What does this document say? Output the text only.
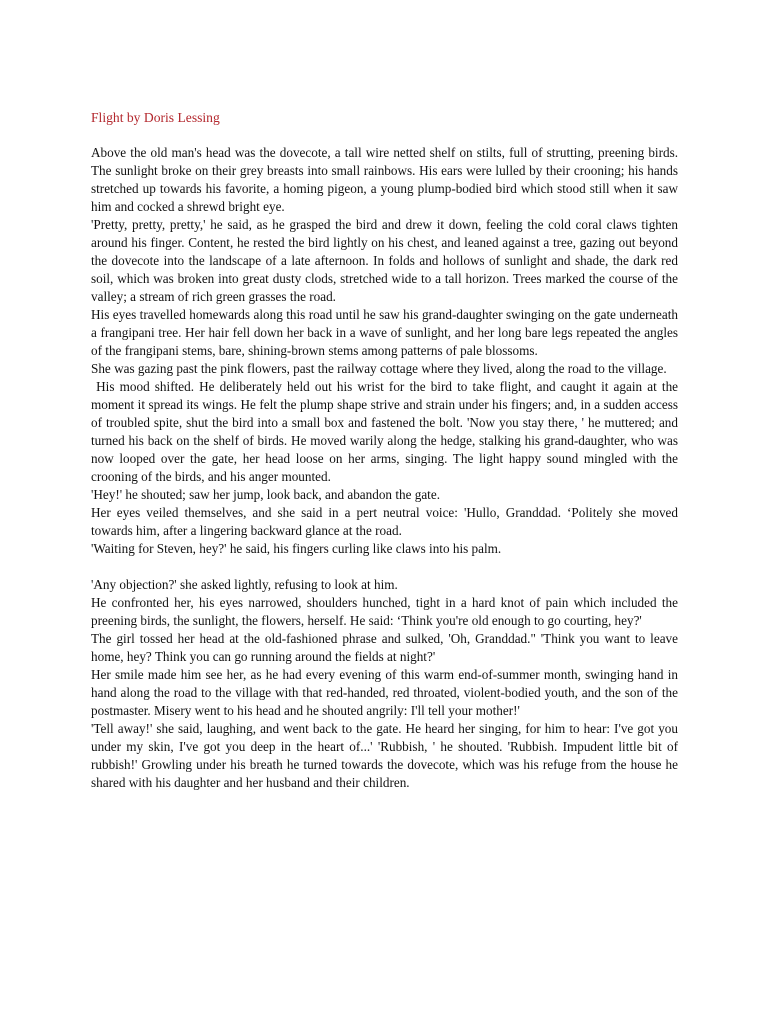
Flight by Doris Lessing

Above the old man's head was the dovecote, a tall wire netted shelf on stilts, full of strutting, preening birds. The sunlight broke on their grey breasts into small rainbows. His ears were lulled by their crooning; his hands stretched up towards his favorite, a homing pigeon, a young plump-bodied bird which stood still when it saw him and cocked a shrewd bright eye.

'Pretty, pretty, pretty,' he said, as he grasped the bird and drew it down, feeling the cold coral claws tighten around his finger. Content, he rested the bird lightly on his chest, and leaned against a tree, gazing out beyond the dovecote into the landscape of a late afternoon. In folds and hollows of sunlight and shade, the dark red soil, which was broken into great dusty clods, stretched wide to a tall horizon. Trees marked the course of the valley; a stream of rich green grasses the road.

His eyes travelled homewards along this road until he saw his grand-daughter swinging on the gate underneath a frangipani tree. Her hair fell down her back in a wave of sunlight, and her long bare legs repeated the angles of the frangipani stems, bare, shining-brown stems among patterns of pale blossoms.

She was gazing past the pink flowers, past the railway cottage where they lived, along the road to the village.

His mood shifted. He deliberately held out his wrist for the bird to take flight, and caught it again at the moment it spread its wings. He felt the plump shape strive and strain under his fingers; and, in a sudden access of troubled spite, shut the bird into a small box and fastened the bolt. 'Now you stay there, ' he muttered; and turned his back on the shelf of birds. He moved warily along the hedge, stalking his grand-daughter, who was now looped over the gate, her head loose on her arms, singing. The light happy sound mingled with the crooning of the birds, and his anger mounted.

'Hey!' he shouted; saw her jump, look back, and abandon the gate.

Her eyes veiled themselves, and she said in a pert neutral voice: 'Hullo, Granddad. ‘Politely she moved towards him, after a lingering backward glance at the road.

'Waiting for Steven, hey?' he said, his fingers curling like claws into his palm.

'Any objection?' she asked lightly, refusing to look at him.

He confronted her, his eyes narrowed, shoulders hunched, tight in a hard knot of pain which included the preening birds, the sunlight, the flowers, herself. He said: ‘Think you're old enough to go courting, hey?'

The girl tossed her head at the old-fashioned phrase and sulked, 'Oh, Granddad." 'Think you want to leave home, hey? Think you can go running around the fields at night?'

Her smile made him see her, as he had every evening of this warm end-of-summer month, swinging hand in hand along the road to the village with that red-handed, red throated, violent-bodied youth, and the son of the postmaster. Misery went to his head and he shouted angrily: I'll tell your mother!'

'Tell away!' she said, laughing, and went back to the gate. He heard her singing, for him to hear: I've got you under my skin, I've got you deep in the heart of...' 'Rubbish, ' he shouted. 'Rubbish. Impudent little bit of rubbish!' Growling under his breath he turned towards the dovecote, which was his refuge from the house he shared with his daughter and her husband and their children.
